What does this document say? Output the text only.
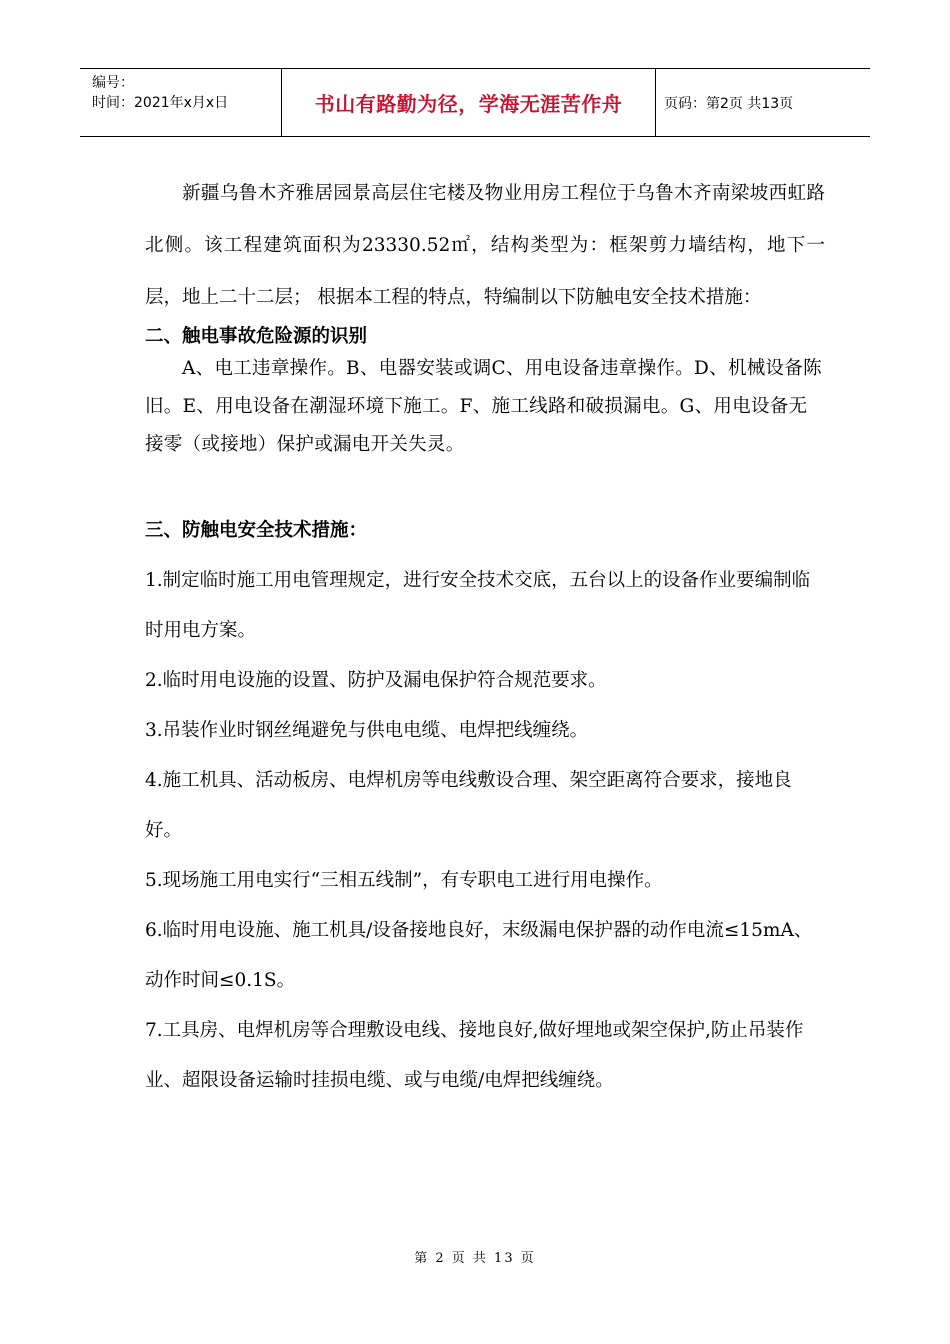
编号：
时间：2021年x月x日	书山有路勤为径，学海无涯苦作舟	页码：第2页 共13页

新疆乌鲁木齐雅居园景高层住宅楼及物业用房工程位于乌鲁木齐南梁坡西虹路北侧。该工程建筑面积为23330.52㎡，结构类型为：框架剪力墙结构，地下一层，地上二十二层； 根据本工程的特点，特编制以下防触电安全技术措施：

二、触电事故危险源的识别

A、电工违章操作。B、电器安装或调C、用电设备违章操作。D、机械设备陈旧。E、用电设备在潮湿环境下施工。F、施工线路和破损漏电。G、用电设备无接零（或接地）保护或漏电开关失灵。

三、防触电安全技术措施：

1.制定临时施工用电管理规定，进行安全技术交底，五台以上的设备作业要编制临时用电方案。

2.临时用电设施的设置、防护及漏电保护符合规范要求。

3.吊装作业时钢丝绳避免与供电电缆、电焊把线缠绕。

4.施工机具、活动板房、电焊机房等电线敷设合理、架空距离符合要求，接地良好。

5.现场施工用电实行“三相五线制”，有专职电工进行用电操作。

6.临时用电设施、施工机具/设备接地良好，末级漏电保护器的动作电流≤15mA、动作时间≤0.1S。

7.工具房、电焊机房等合理敷设电线、接地良好,做好埋地或架空保护,防止吊装作业、超限设备运输时挂损电缆、或与电缆/电焊把线缠绕。

第 2 页 共 13 页
